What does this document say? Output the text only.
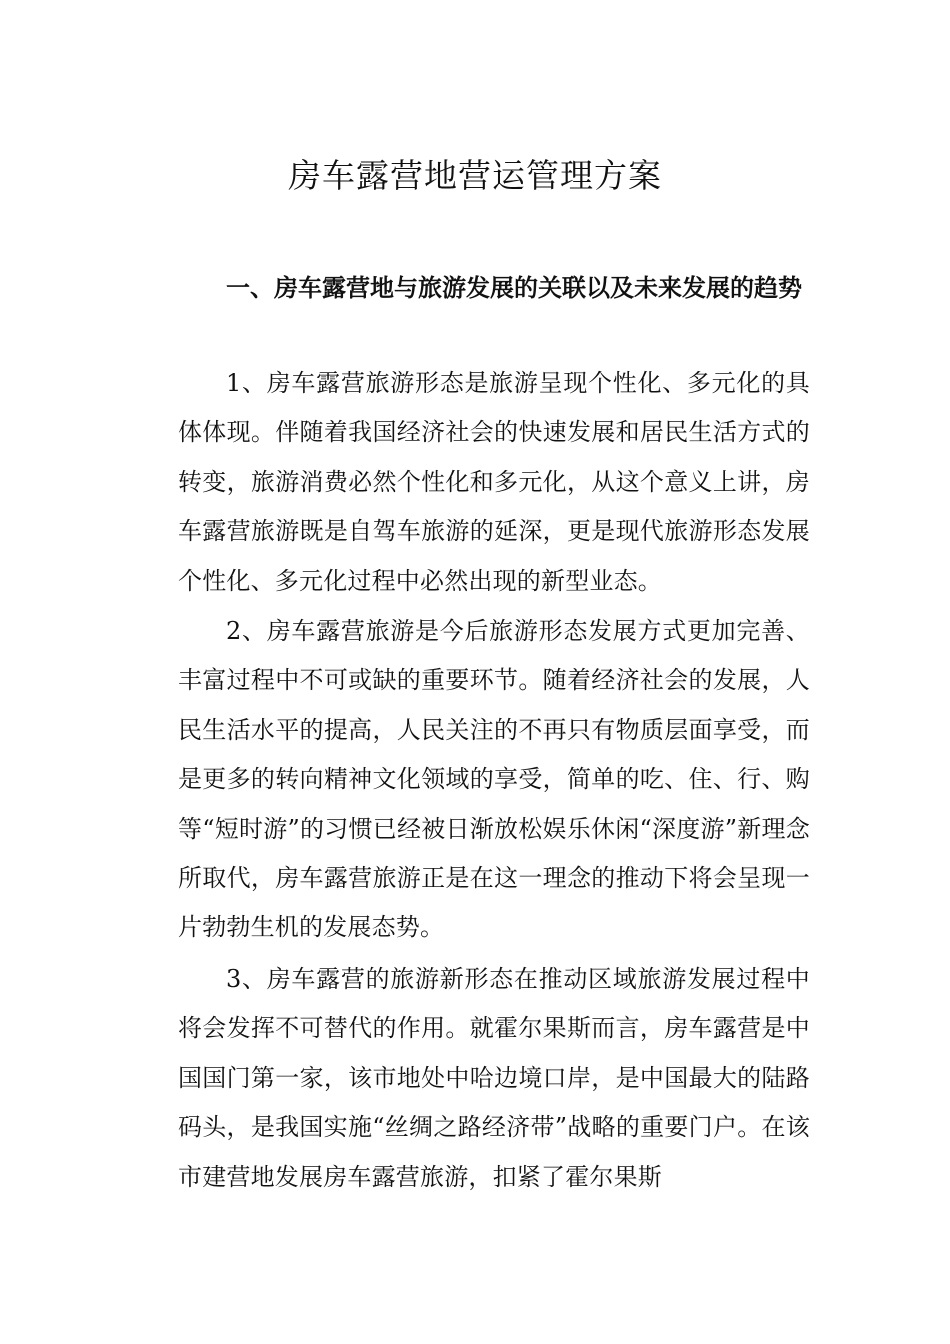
房车露营地营运管理方案
一、房车露营地与旅游发展的关联以及未来发展的趋势

1、房车露营旅游形态是旅游呈现个性化、多元化的具体体现。伴随着我国经济社会的快速发展和居民生活方式的转变，旅游消费必然个性化和多元化，从这个意义上讲，房车露营旅游既是自驾车旅游的延深，更是现代旅游形态发展个性化、多元化过程中必然出现的新型业态。

2、房车露营旅游是今后旅游形态发展方式更加完善、丰富过程中不可或缺的重要环节。随着经济社会的发展，人民生活水平的提高，人民关注的不再只有物质层面享受，而是更多的转向精神文化领域的享受，简单的吃、住、行、购等“短时游”的习惯已经被日渐放松娱乐休闲“深度游”新理念所取代，房车露营旅游正是在这一理念的推动下将会呈现一片勃勃生机的发展态势。

3、房车露营的旅游新形态在推动区域旅游发展过程中将会发挥不可替代的作用。就霍尔果斯而言，房车露营是中国国门第一家，该市地处中哈边境口岸，是中国最大的陆路码头，是我国实施“丝绸之路经济带”战略的重要门户。在该市建营地发展房车露营旅游，扣紧了霍尔果斯
